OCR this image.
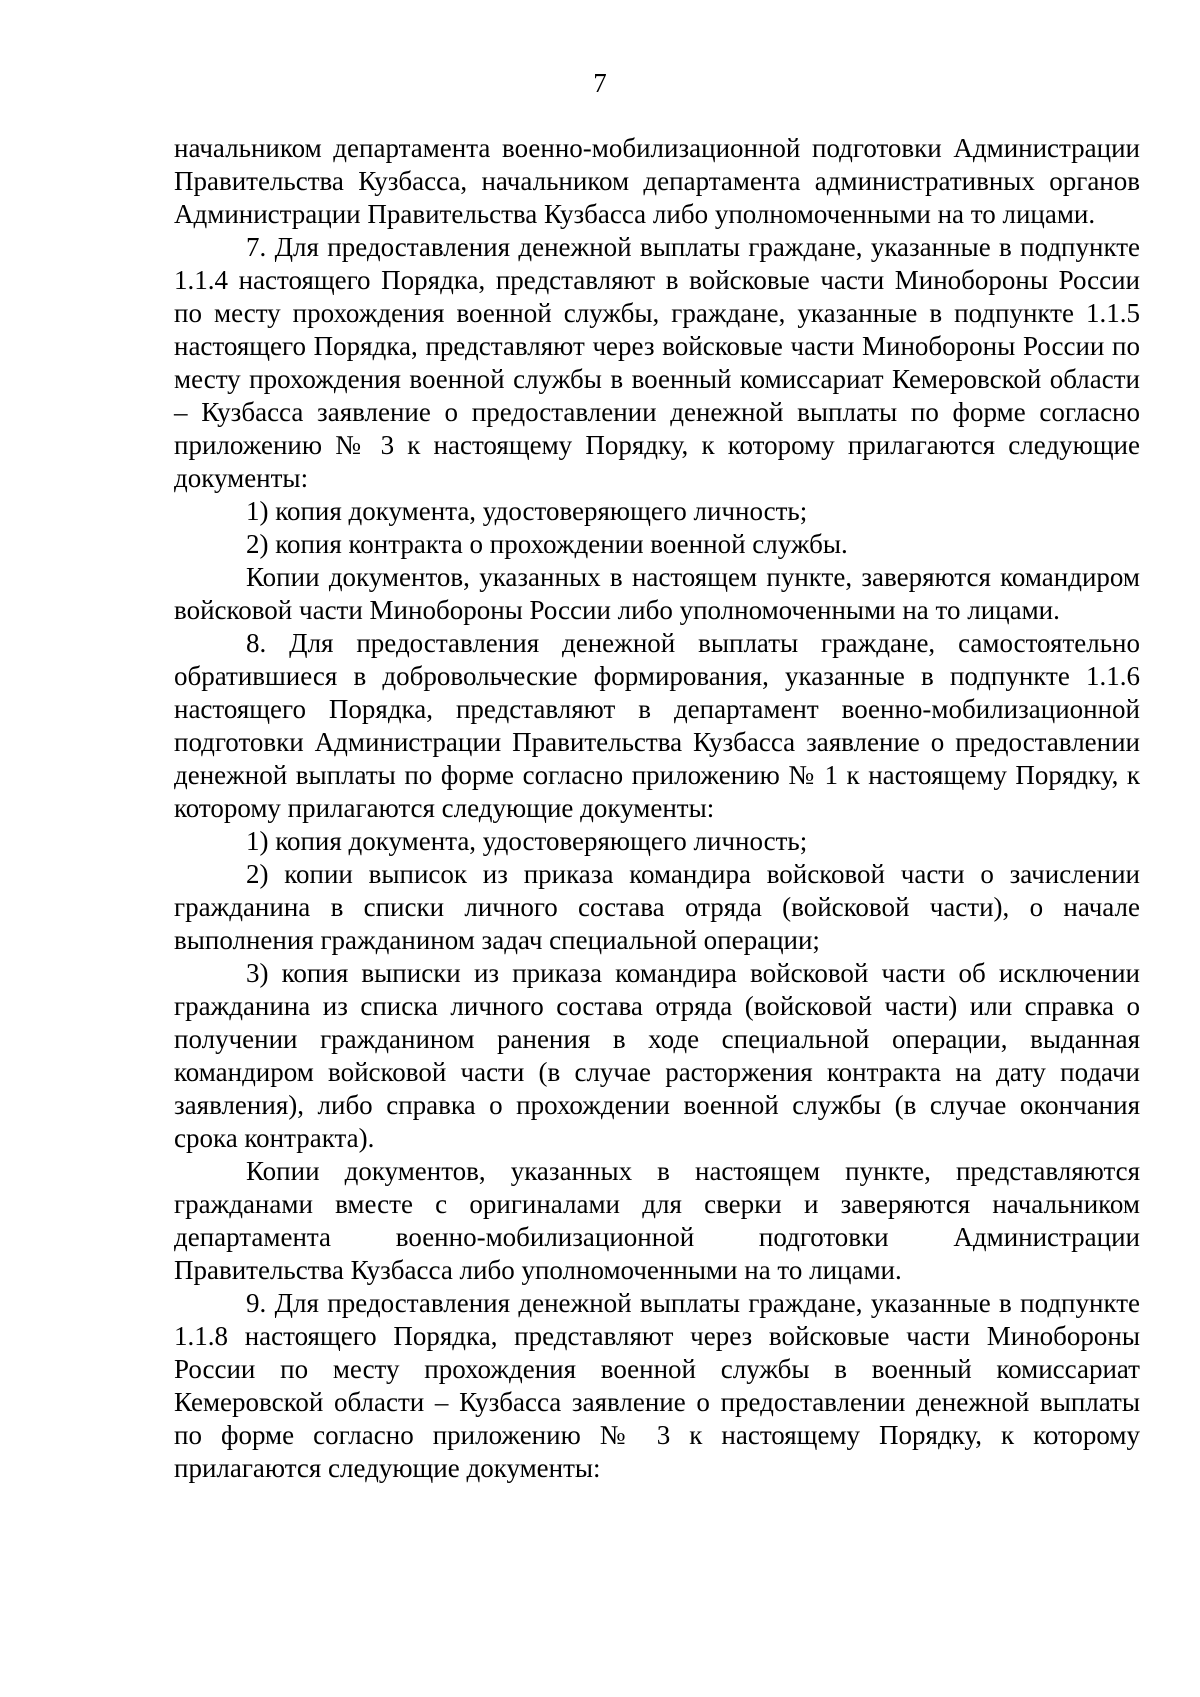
7

начальником департамента военно-мобилизационной подготовки Администрации Правительства Кузбасса, начальником департамента административных органов Администрации Правительства Кузбасса либо уполномоченными на то лицами.

7. Для предоставления денежной выплаты граждане, указанные в подпункте 1.1.4 настоящего Порядка, представляют в войсковые части Минобороны России по месту прохождения военной службы, граждане, указанные в подпункте 1.1.5 настоящего Порядка, представляют через войсковые части Минобороны России по месту прохождения военной службы в военный комиссариат Кемеровской области – Кузбасса заявление о предоставлении денежной выплаты по форме согласно приложению № 3 к настоящему Порядку, к которому прилагаются следующие документы:

1) копия документа, удостоверяющего личность;

2) копия контракта о прохождении военной службы.

Копии документов, указанных в настоящем пункте, заверяются командиром войсковой части Минобороны России либо уполномоченными на то лицами.

8. Для предоставления денежной выплаты граждане, самостоятельно обратившиеся в добровольческие формирования, указанные в подпункте 1.1.6 настоящего Порядка, представляют в департамент военно-мобилизационной подготовки Администрации Правительства Кузбасса заявление о предоставлении денежной выплаты по форме согласно приложению № 1 к настоящему Порядку, к которому прилагаются следующие документы:

1) копия документа, удостоверяющего личность;

2) копии выписок из приказа командира войсковой части о зачислении гражданина в списки личного состава отряда (войсковой части), о начале выполнения гражданином задач специальной операции;

3) копия выписки из приказа командира войсковой части об исключении гражданина из списка личного состава отряда (войсковой части) или справка о получении гражданином ранения в ходе специальной операции, выданная командиром войсковой части (в случае расторжения контракта на дату подачи заявления), либо справка о прохождении военной службы (в случае окончания срока контракта).

Копии документов, указанных в настоящем пункте, представляются гражданами вместе с оригиналами для сверки и заверяются начальником департамента военно-мобилизационной подготовки Администрации Правительства Кузбасса либо уполномоченными на то лицами.

9. Для предоставления денежной выплаты граждане, указанные в подпункте 1.1.8 настоящего Порядка, представляют через войсковые части Минобороны России по месту прохождения военной службы в военный комиссариат Кемеровской области – Кузбасса заявление о предоставлении денежной выплаты по форме согласно приложению № 3 к настоящему Порядку, к которому прилагаются следующие документы:
